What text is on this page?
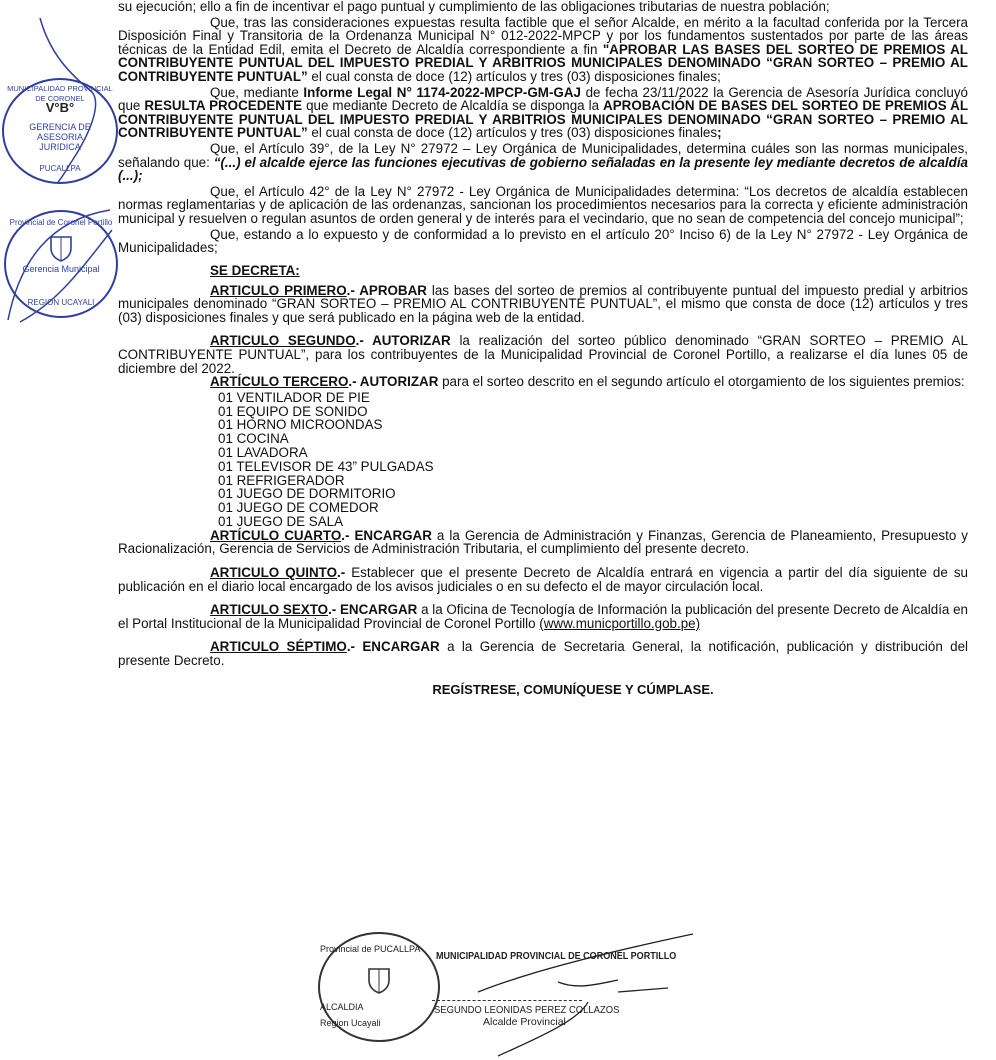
MUNICIPALIDAD PROVINCIAL DE CORONEL
V°B°
GERENCIA DE
ASESORIA
JURIDICA
PUCALLPA
Provincial de Coronel Portillo
Gerencia Municipal
REGION UCAYALI

su ejecución; ello a fin de incentivar el pago puntual y cumplimiento de las obligaciones tributarias de nuestra población;

Que, tras las consideraciones expuestas resulta factible que el señor Alcalde, en mérito a la facultad conferida por la Tercera Disposición Final y Transitoria de la Ordenanza Municipal N° 012-2022-MPCP y por los fundamentos sustentados por parte de las áreas técnicas de la Entidad Edil, emita el Decreto de Alcaldía correspondiente a fin "APROBAR LAS BASES DEL SORTEO DE PREMIOS AL CONTRIBUYENTE PUNTUAL DEL IMPUESTO PREDIAL Y ARBITRIOS MUNICIPALES DENOMINADO “GRAN SORTEO – PREMIO AL CONTRIBUYENTE PUNTUAL” el cual consta de doce (12) artículos y tres (03) disposiciones finales;

Que, mediante Informe Legal N° 1174-2022-MPCP-GM-GAJ de fecha 23/11/2022 la Gerencia de Asesoría Jurídica concluyó que RESULTA PROCEDENTE que mediante Decreto de Alcaldía se disponga la APROBACIÓN DE BASES DEL SORTEO DE PREMIOS AL CONTRIBUYENTE PUNTUAL DEL IMPUESTO PREDIAL Y ARBITRIOS MUNICIPALES DENOMINADO “GRAN SORTEO – PREMIO AL CONTRIBUYENTE PUNTUAL” el cual consta de doce (12) artículos y tres (03) disposiciones finales;

Que, el Artículo 39°, de la Ley N° 27972 – Ley Orgánica de Municipalidades, determina cuáles son las normas municipales, señalando que: “(...) el alcalde ejerce las funciones ejecutivas de gobierno señaladas en la presente ley mediante decretos de alcaldía (...);

Que, el Artículo 42° de la Ley N° 27972 - Ley Orgánica de Municipalidades determina: “Los decretos de alcaldía establecen normas reglamentarias y de aplicación de las ordenanzas, sancionan los procedimientos necesarios para la correcta y eficiente administración municipal y resuelven o regulan asuntos de orden general y de interés para el vecindario, que no sean de competencia del concejo municipal”;

Que, estando a lo expuesto y de conformidad a lo previsto en el artículo 20° Inciso 6) de la Ley N° 27972 - Ley Orgánica de Municipalidades;

SE DECRETA:

ARTICULO PRIMERO.- APROBAR las bases del sorteo de premios al contribuyente puntual del impuesto predial y arbitrios municipales denominado “GRAN SORTEO – PREMIO AL CONTRIBUYENTE PUNTUAL”, el mismo que consta de doce (12) artículos y tres (03) disposiciones finales y que será publicado en la página web de la entidad.

ARTICULO SEGUNDO.- AUTORIZAR la realización del sorteo público denominado “GRAN SORTEO – PREMIO AL CONTRIBUYENTE PUNTUAL”, para los contribuyentes de la Municipalidad Provincial de Coronel Portillo, a realizarse el día lunes 05 de diciembre del 2022.

ARTÍCULO TERCERO.- AUTORIZAR para el sorteo descrito en el segundo artículo el otorgamiento de los siguientes premios:

01 VENTILADOR DE PIE
01 EQUIPO DE SONIDO
01 HORNO MICROONDAS
01 COCINA
01 LAVADORA
01 TELEVISOR DE 43” PULGADAS
01 REFRIGERADOR
01 JUEGO DE DORMITORIO
01 JUEGO DE COMEDOR
01 JUEGO DE SALA

ARTÍCULO CUARTO.- ENCARGAR a la Gerencia de Administración y Finanzas, Gerencia de Planeamiento, Presupuesto y Racionalización, Gerencia de Servicios de Administración Tributaria, el cumplimiento del presente decreto.

ARTICULO QUINTO.- Establecer que el presente Decreto de Alcaldía entrará en vigencia a partir del día siguiente de su publicación en el diario local encargado de los avisos judiciales o en su defecto el de mayor circulación local.

ARTICULO SEXTO.- ENCARGAR a la Oficina de Tecnología de Información la publicación del presente Decreto de Alcaldía en el Portal Institucional de la Municipalidad Provincial de Coronel Portillo (www.municportillo.gob.pe)

ARTICULO SÉPTIMO.- ENCARGAR a la Gerencia de Secretaria General, la notificación, publicación y distribución del presente Decreto.

REGÍSTRESE, COMUNÍQUESE Y CÚMPLASE.
Provincial de PUCALLPA
ALCALDIA
Region Ucayali
MUNICIPALIDAD PROVINCIAL DE CORONEL PORTILLO
SEGUNDO LEONIDAS PEREZ COLLAZOS
Alcalde Provincial
